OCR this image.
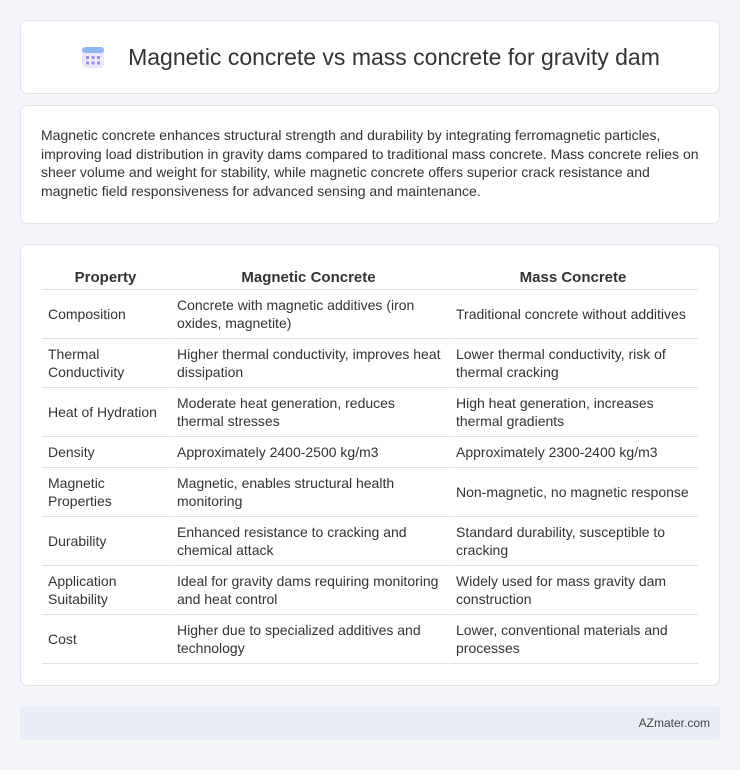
Magnetic concrete vs mass concrete for gravity dam

Magnetic concrete enhances structural strength and durability by integrating ferromagnetic particles, improving load distribution in gravity dams compared to traditional mass concrete. Mass concrete relies on sheer volume and weight for stability, while magnetic concrete offers superior crack resistance and magnetic field responsiveness for advanced sensing and maintenance.

Property	Magnetic Concrete	Mass Concrete
Composition	Concrete with magnetic additives (iron oxides, magnetite)	Traditional concrete without additives
Thermal Conductivity	Higher thermal conductivity, improves heat dissipation	Lower thermal conductivity, risk of thermal cracking
Heat of Hydration	Moderate heat generation, reduces thermal stresses	High heat generation, increases thermal gradients
Density	Approximately 2400-2500 kg/m3	Approximately 2300-2400 kg/m3
Magnetic Properties	Magnetic, enables structural health monitoring	Non-magnetic, no magnetic response
Durability	Enhanced resistance to cracking and chemical attack	Standard durability, susceptible to cracking
Application Suitability	Ideal for gravity dams requiring monitoring and heat control	Widely used for mass gravity dam construction
Cost	Higher due to specialized additives and technology	Lower, conventional materials and processes
AZmater.com
